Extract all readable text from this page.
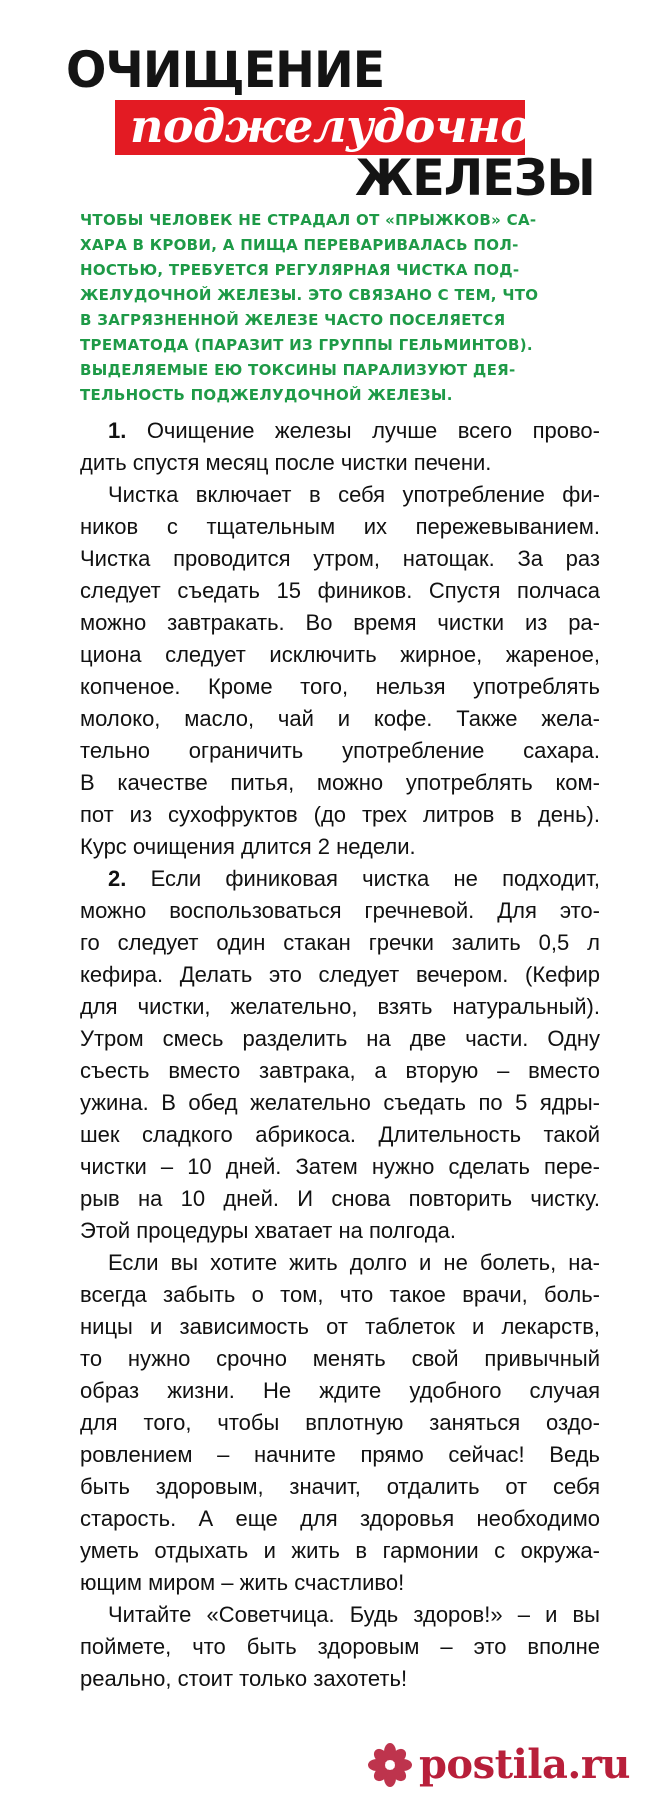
ОЧИЩЕНИЕ
поджелудочной
ЖЕЛЕЗЫ
ЧТОБЫ ЧЕЛОВЕК НЕ СТРАДАЛ ОТ «ПРЫЖКОВ» СА-
ХАРА В КРОВИ, А ПИЩА ПЕРЕВАРИВАЛАСЬ ПОЛ-
НОСТЬЮ, ТРЕБУЕТСЯ РЕГУЛЯРНАЯ ЧИСТКА ПОД-
ЖЕЛУДОЧНОЙ ЖЕЛЕЗЫ. ЭТО СВЯЗАНО С ТЕМ, ЧТО
В ЗАГРЯЗНЕННОЙ ЖЕЛЕЗЕ ЧАСТО ПОСЕЛЯЕТСЯ
ТРЕМАТОДА (ПАРАЗИТ ИЗ ГРУППЫ ГЕЛЬМИНТОВ).
ВЫДЕЛЯЕМЫЕ ЕЮ ТОКСИНЫ ПАРАЛИЗУЮТ ДЕЯ-
ТЕЛЬНОСТЬ ПОДЖЕЛУДОЧНОЙ ЖЕЛЕЗЫ.
1. Очищение железы лучше всего прово-
дить спустя месяц после чистки печени.
Чистка включает в себя употребление фи-
ников с тщательным их пережевыванием.
Чистка проводится утром, натощак. За раз
следует съедать 15 фиников. Спустя полчаса
можно завтракать. Во время чистки из ра-
циона следует исключить жирное, жареное,
копченое. Кроме того, нельзя употреблять
молоко, масло, чай и кофе. Также жела-
тельно ограничить употребление сахара.
В качестве питья, можно употреблять ком-
пот из сухофруктов (до трех литров в день).
Курс очищения длится 2 недели.
2. Если финиковая чистка не подходит,
можно воспользоваться гречневой. Для это-
го следует один стакан гречки залить 0,5 л
кефира. Делать это следует вечером. (Кефир
для чистки, желательно, взять натуральный).
Утром смесь разделить на две части. Одну
съесть вместо завтрака, а вторую – вместо
ужина. В обед желательно съедать по 5 ядры-
шек сладкого абрикоса. Длительность такой
чистки – 10 дней. Затем нужно сделать пере-
рыв на 10 дней. И снова повторить чистку.
Этой процедуры хватает на полгода.
Если вы хотите жить долго и не болеть, на-
всегда забыть о том, что такое врачи, боль-
ницы и зависимость от таблеток и лекарств,
то нужно срочно менять свой привычный
образ жизни. Не ждите удобного случая
для того, чтобы вплотную заняться оздо-
ровлением – начните прямо сейчас! Ведь
быть здоровым, значит, отдалить от себя
старость. А еще для здоровья необходимо
уметь отдыхать и жить в гармонии с окружа-
ющим миром – жить счастливо!
Читайте «Советчица. Будь здоров!» – и вы
поймете, что быть здоровым – это вполне
реально, стоит только захотеть!
postila.ru
